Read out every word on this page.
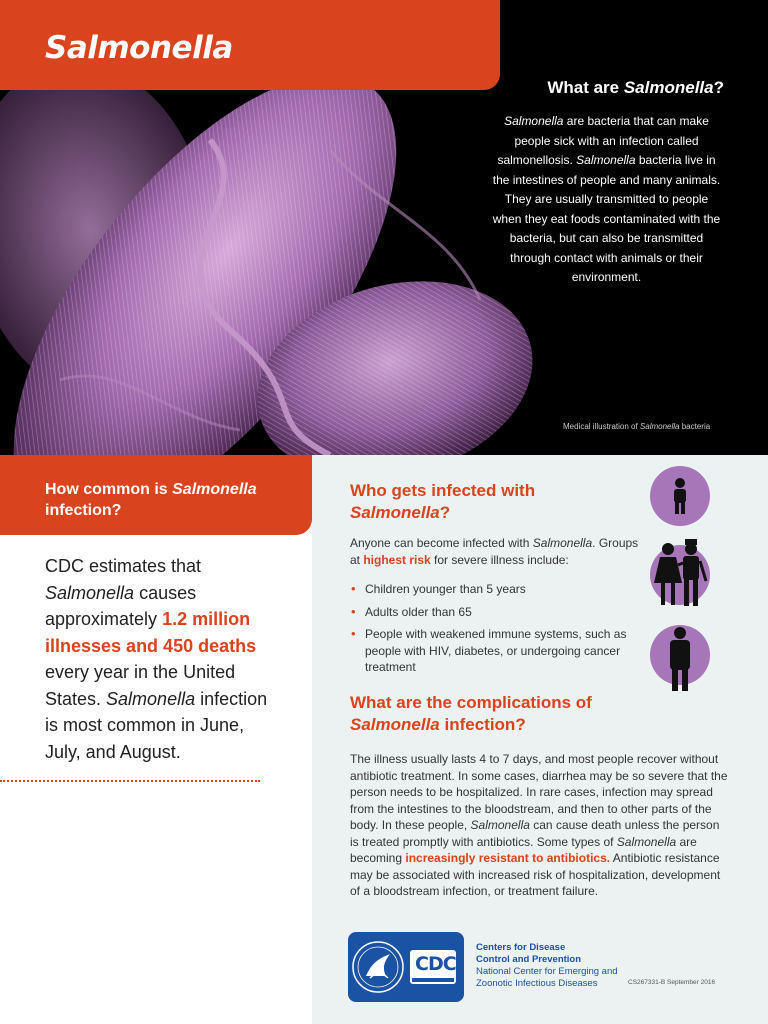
Salmonella
What are Salmonella?

Salmonella are bacteria that can make people sick with an infection called salmonellosis. Salmonella bacteria live in the intestines of people and many animals. They are usually transmitted to people when they eat foods contaminated with the bacteria, but can also be transmitted through contact with animals or their environment.

Medical illustration of Salmonella bacteria
How common is Salmonella infection?

CDC estimates that Salmonella causes approximately 1.2 million illnesses and 450 deaths every year in the United States. Salmonella infection is most common in June, July, and August.

Who gets infected with Salmonella?

Anyone can become infected with Salmonella. Groups at highest risk for severe illness include:

• Children younger than 5 years
• Adults older than 65
• People with weakened immune systems, such as people with HIV, diabetes, or undergoing cancer treatment
What are the complications of Salmonella infection?

The illness usually lasts 4 to 7 days, and most people recover without antibiotic treatment. In some cases, diarrhea may be so severe that the person needs to be hospitalized. In rare cases, infection may spread from the intestines to the bloodstream, and then to other parts of the body. In these people, Salmonella can cause death unless the person is treated promptly with antibiotics. Some types of Salmonella are becoming increasingly resistant to antibiotics. Antibiotic resistance may be associated with increased risk of hospitalization, development of a bloodstream infection, or treatment failure.

CDC

Centers for Disease
Control and Prevention

National Center for Emerging and
Zoonotic Infectious Diseases	CS267331-B September 2016
